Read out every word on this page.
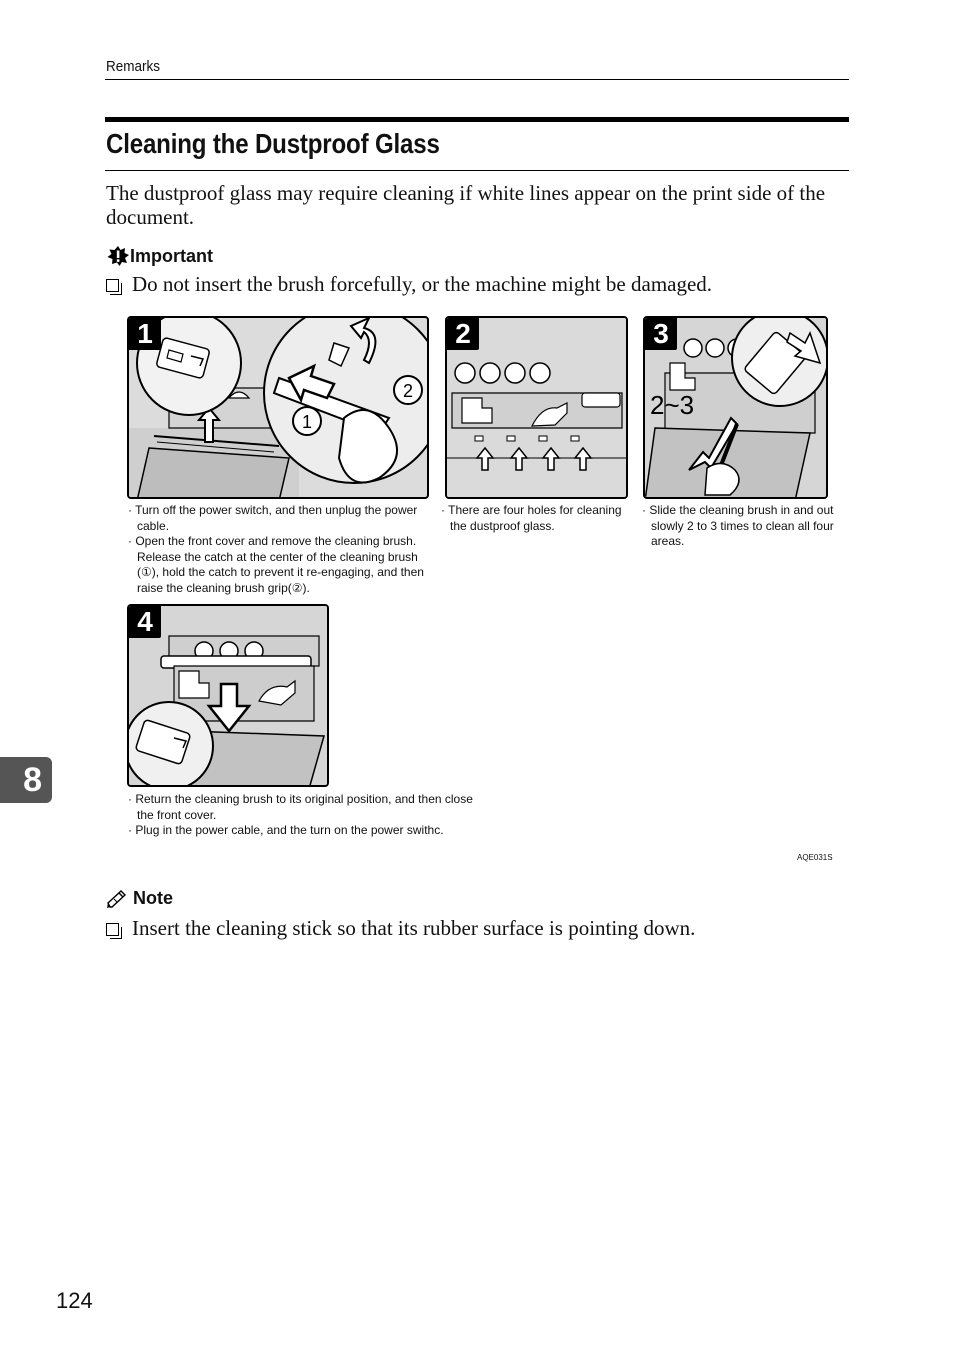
Remarks
Cleaning the Dustproof Glass
The dustproof glass may require cleaning if white lines appear on the print side of the document.
Important
Do not insert the brush forcefully, or the machine might be damaged.
1
2
1	2
2~3
3
· Turn off the power switch, and then unplug the power cable.
· Open the front cover and remove the cleaning brush. Release the catch at the center of the cleaning brush (①), hold the catch to prevent it re-engaging, and then raise the cleaning brush grip(②).
· There are four holes for cleaning the dustproof glass.
· Slide the cleaning brush in and out slowly 2 to 3 times to clean all four areas.
4
· Return the cleaning brush to its original position, and then close the front cover.
· Plug in the power cable, and the turn on the power swithc.
AQE031S
Note
Insert the cleaning stick so that its rubber surface is pointing down.
8
124
